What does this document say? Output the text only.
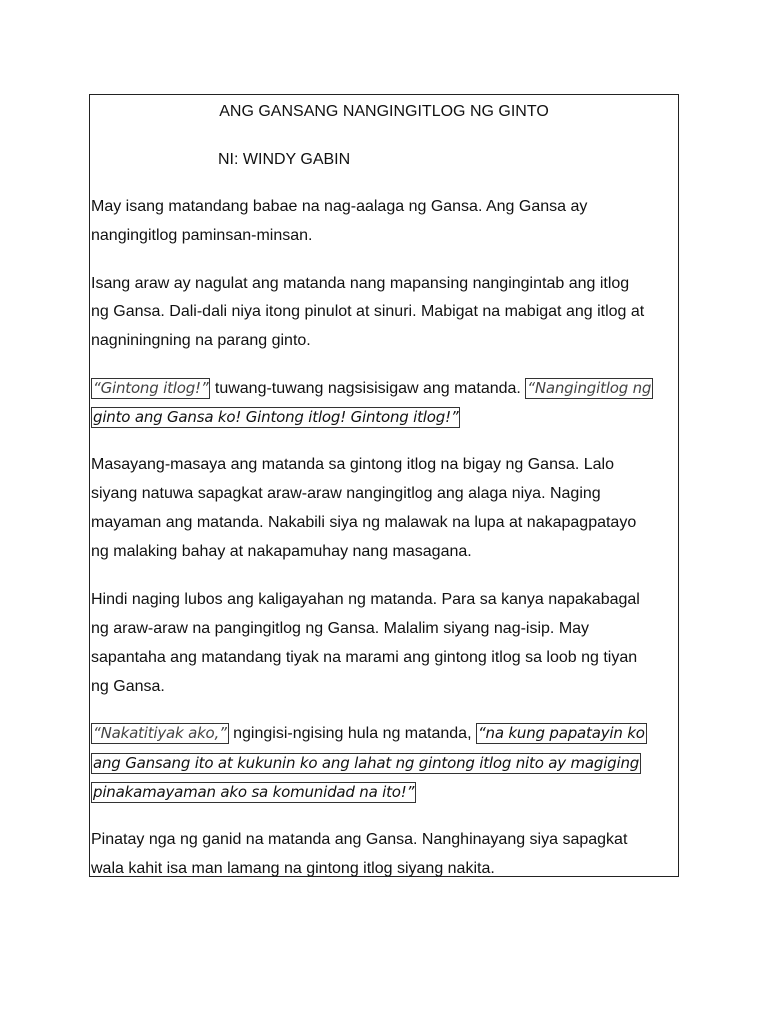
ANG GANSANG NANGINGITLOG NG GINTO
NI: WINDY GABIN
May isang matandang babae na nag-aalaga ng Gansa. Ang Gansa ay
nangingitlog paminsan-minsan.
Isang araw ay nagulat ang matanda nang mapansing nangingintab ang itlog
ng Gansa. Dali-dali niya itong pinulot at sinuri. Mabigat na mabigat ang itlog at
nagniningning na parang ginto.
“Gintong itlog!” tuwang-tuwang nagsisisigaw ang matanda. “Nangingitlog ng
ginto ang Gansa ko! Gintong itlog! Gintong itlog!”
Masayang-masaya ang matanda sa gintong itlog na bigay ng Gansa. Lalo
siyang natuwa sapagkat araw-araw nangingitlog ang alaga niya. Naging
mayaman ang matanda. Nakabili siya ng malawak na lupa at nakapagpatayo
ng malaking bahay at nakapamuhay nang masagana.
Hindi naging lubos ang kaligayahan ng matanda. Para sa kanya napakabagal
ng araw-araw na pangingitlog ng Gansa. Malalim siyang nag-isip. May
sapantaha ang matandang tiyak na marami ang gintong itlog sa loob ng tiyan
ng Gansa.
“Nakatitiyak ako,” ngingisi-ngising hula ng matanda, “na kung papatayin ko
ang Gansang ito at kukunin ko ang lahat ng gintong itlog nito ay magiging
pinakamayaman ako sa komunidad na ito!”
Pinatay nga ng ganid na matanda ang Gansa. Nanghinayang siya sapagkat
wala kahit isa man lamang na gintong itlog siyang nakita.
